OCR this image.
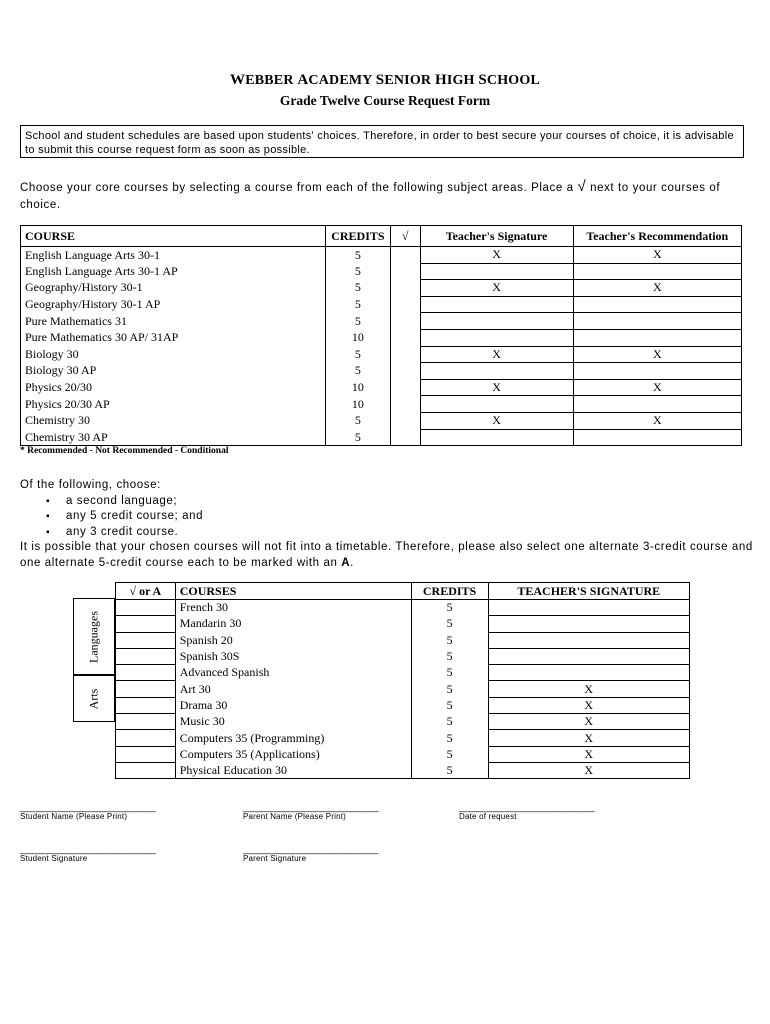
WEBBER ACADEMY SENIOR HIGH SCHOOL
Grade Twelve Course Request Form
School and student schedules are based upon students' choices. Therefore, in order to best secure your courses of choice, it is advisable to submit this course request form as soon as possible.
Choose your core courses by selecting a course from each of the following subject areas. Place a √ next to your courses of choice.
COURSE	CREDITS	√	Teacher's Signature	Teacher's Recommendation
English Language Arts 30-1	5		X	X
English Language Arts 30-1 AP	5			
Geography/History 30-1	5		X	X
Geography/History 30-1 AP	5			
Pure Mathematics 31	5			
Pure Mathematics 30 AP/ 31AP	10			
Biology 30	5		X	X
Biology 30 AP	5			
Physics 20/30	10		X	X
Physics 20/30 AP	10			
Chemistry 30	5		X	X
Chemistry 30 AP	5			
* Recommended - Not Recommended - Conditional
Of the following, choose:
▪ a second language;
▪ any 5 credit course; and
▪ any 3 credit course.
It is possible that your chosen courses will not fit into a timetable. Therefore, please also select one alternate 3-credit course and one alternate 5-credit course each to be marked with an A.
Languages
Arts
√ or A	COURSES	CREDITS	TEACHER'S SIGNATURE
	French 30	5	
	Mandarin 30	5	
	Spanish 20	5	
	Spanish 30S	5	
	Advanced Spanish	5	
	Art 30	5	X
	Drama 30	5	X
	Music 30	5	X
	Computers 35 (Programming)	5	X
	Computers 35 (Applications)	5	X
	Physical Education 30	5	X
______________________________
Student Name (Please Print)
______________________________
Parent Name (Please Print)
______________________________
Date of request
______________________________
Student Signature
______________________________
Parent Signature
